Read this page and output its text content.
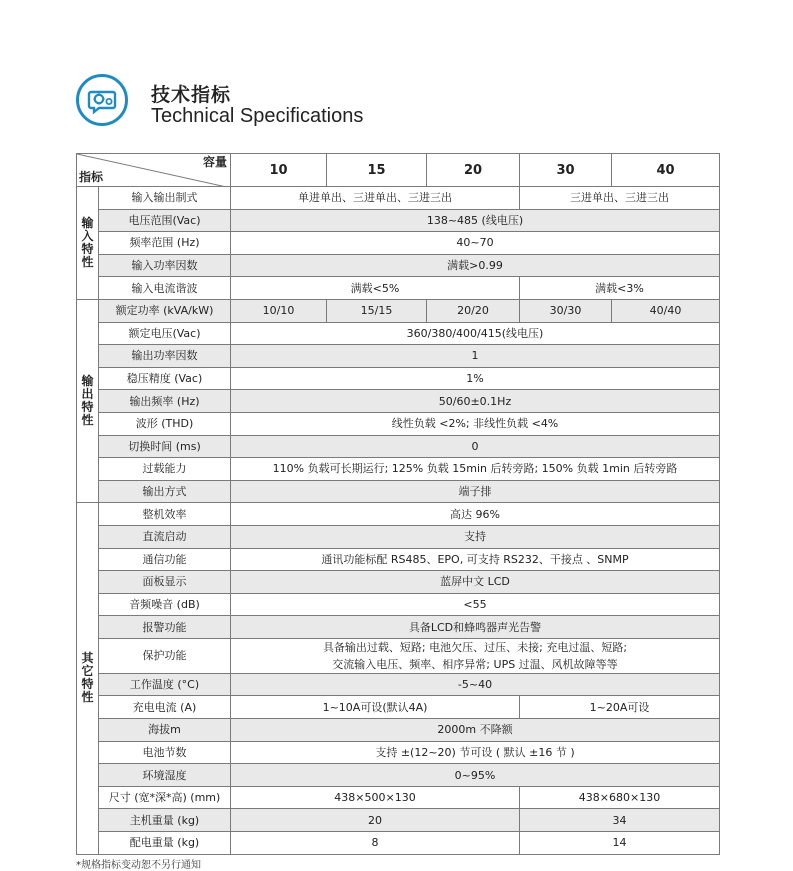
技术指标
Technical Specifications
容量
指标		10	15	20	30	40
输
入
特
性	输入输出制式	单进单出、三进单出、三进三出			三进单出、三进三出	
	电压范围(Vac)	138~485 (线电压)				
	频率范围 (Hz)	40~70				
	输入功率因数	满载>0.99				
	输入电流谐波	满载<5%			满载<3%	
输
出
特
性	额定功率 (kVA/kW)	10/10	15/15	20/20	30/30	40/40
	额定电压(Vac)	360/380/400/415(线电压)				
	输出功率因数	1				
	稳压精度 (Vac)	1%				
	输出频率 (Hz)	50/60±0.1Hz				
	波形 (THD)	线性负载 <2%; 非线性负载 <4%				
	切换时间 (ms)	0				
	过载能力	110% 负载可长期运行; 125% 负载 15min 后转旁路; 150% 负载 1min 后转旁路				
	输出方式	端子排				
其
它
特
性	整机效率	高达 96%				
	直流启动	支持				
	通信功能	通讯功能标配 RS485、EPO, 可支持 RS232、干接点 、SNMP				
	面板显示	蓝屏中文 LCD				
	音频噪音 (dB)	<55				
	报警功能	具备LCD和蜂鸣器声光告警				
	保护功能	具备输出过载、短路; 电池欠压、过压、未接; 充电过温、短路;
交流输入电压、频率、相序异常; UPS 过温、风机故障等等				

	工作温度 (°C)	-5~40				
	充电电流 (A)	1~10A可设(默认4A)			1~20A可设	
	海拔m	2000m 不降额				
	电池节数	支持 ±(12~20) 节可设 ( 默认 ±16 节 )				
	环境湿度	0~95%				
	尺寸 (宽*深*高) (mm)	438×500×130			438×680×130	
	主机重量 (kg)	20			34	
	配电重量 (kg)	8			14	
*规格指标变动恕不另行通知
